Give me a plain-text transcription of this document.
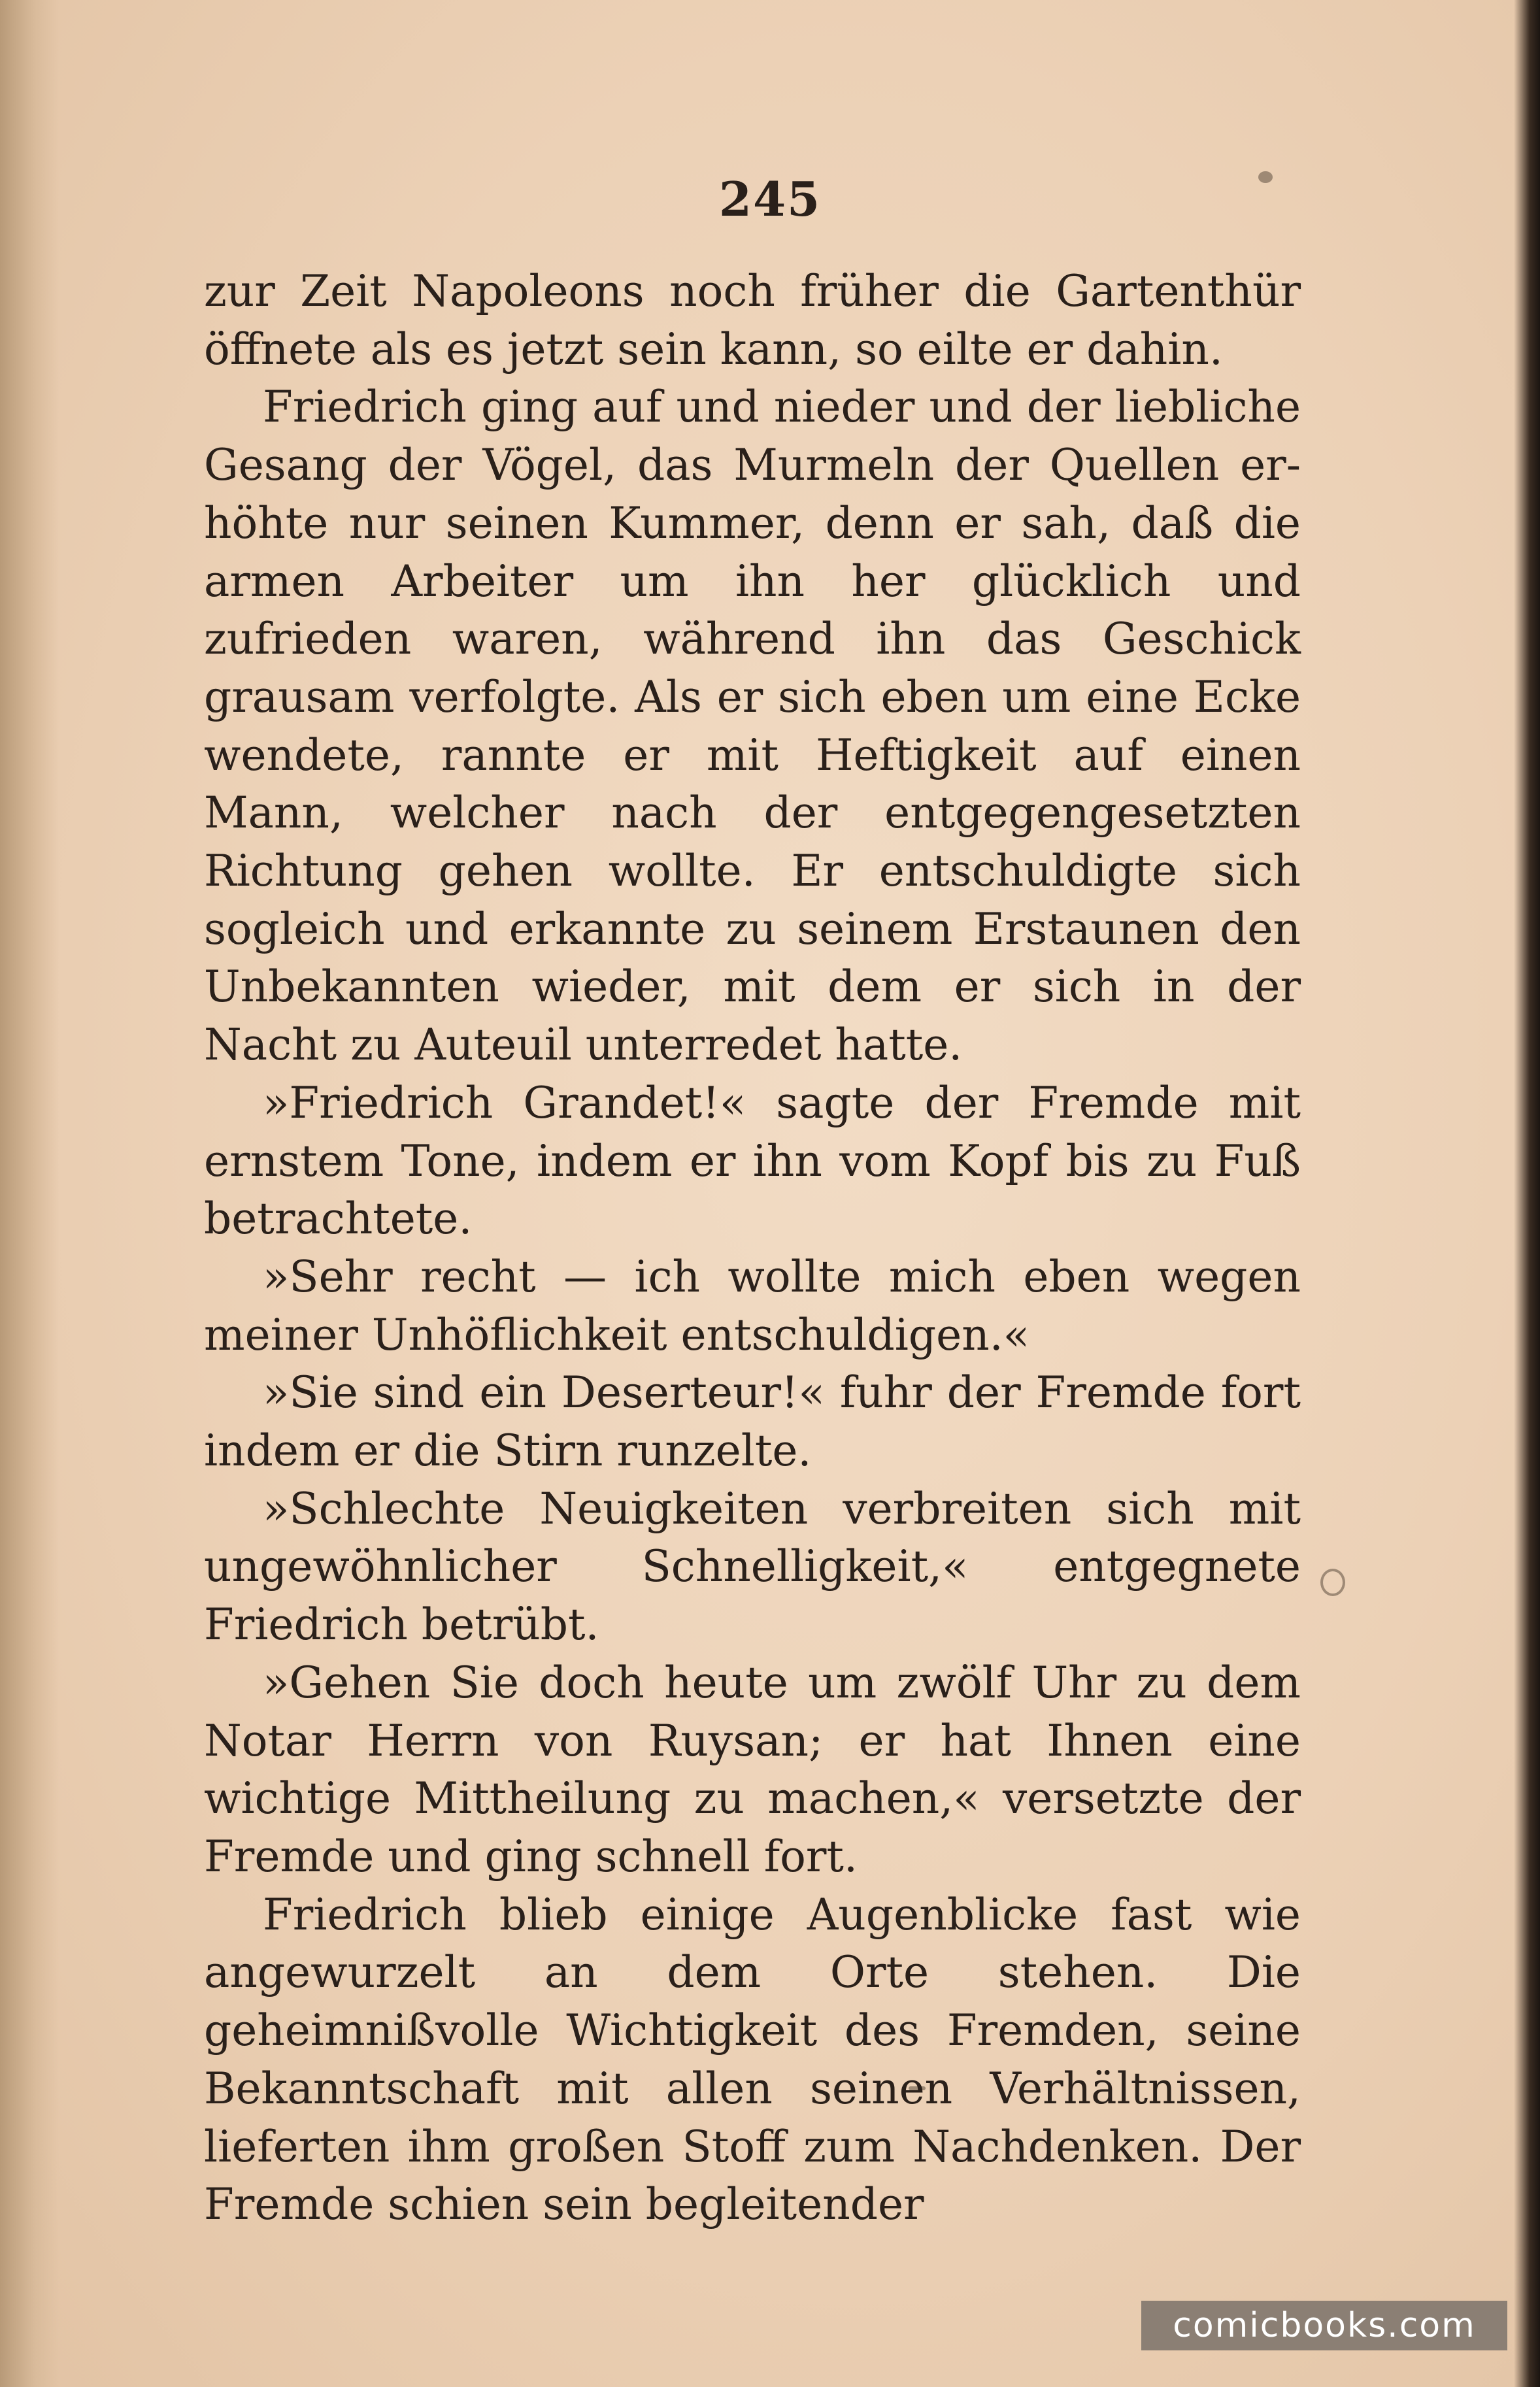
245

zur Zeit Napoleons noch früher die Gartenthür öffnete als es jetzt sein kann, so eilte er dahin.

Friedrich ging auf und nieder und der liebliche Gesang der Vögel, das Murmeln der Quellen erhöhte nur seinen Kummer, denn er sah, daß die armen Arbeiter um ihn her glücklich und zufrieden waren, während ihn das Geschick grausam verfolgte. Als er sich eben um eine Ecke wendete, rannte er mit Heftigkeit auf einen Mann, welcher nach der entgegengesetzten Richtung gehen wollte. Er entschuldigte sich sogleich und erkannte zu seinem Erstaunen den Unbekannten wieder, mit dem er sich in der Nacht zu Auteuil unterredet hatte.

»Friedrich Grandet!« sagte der Fremde mit ernstem Tone, indem er ihn vom Kopf bis zu Fuß betrachtete.

»Sehr recht — ich wollte mich eben wegen meiner Unhöflichkeit entschuldigen.«

»Sie sind ein Deserteur!« fuhr der Fremde fort indem er die Stirn runzelte.

»Schlechte Neuigkeiten verbreiten sich mit ungewöhnlicher Schnelligkeit,« entgegnete Friedrich betrübt.

»Gehen Sie doch heute um zwölf Uhr zu dem Notar Herrn von Ruysan; er hat Ihnen eine wichtige Mittheilung zu machen,« versetzte der Fremde und ging schnell fort.

Friedrich blieb einige Augenblicke fast wie angewurzelt an dem Orte stehen. Die geheimnißvolle Wichtigkeit des Fremden, seine Bekanntschaft mit allen seinen Verhältnissen, lieferten ihm großen Stoff zum Nachdenken. Der Fremde schien sein begleitender

comicbooks.com
